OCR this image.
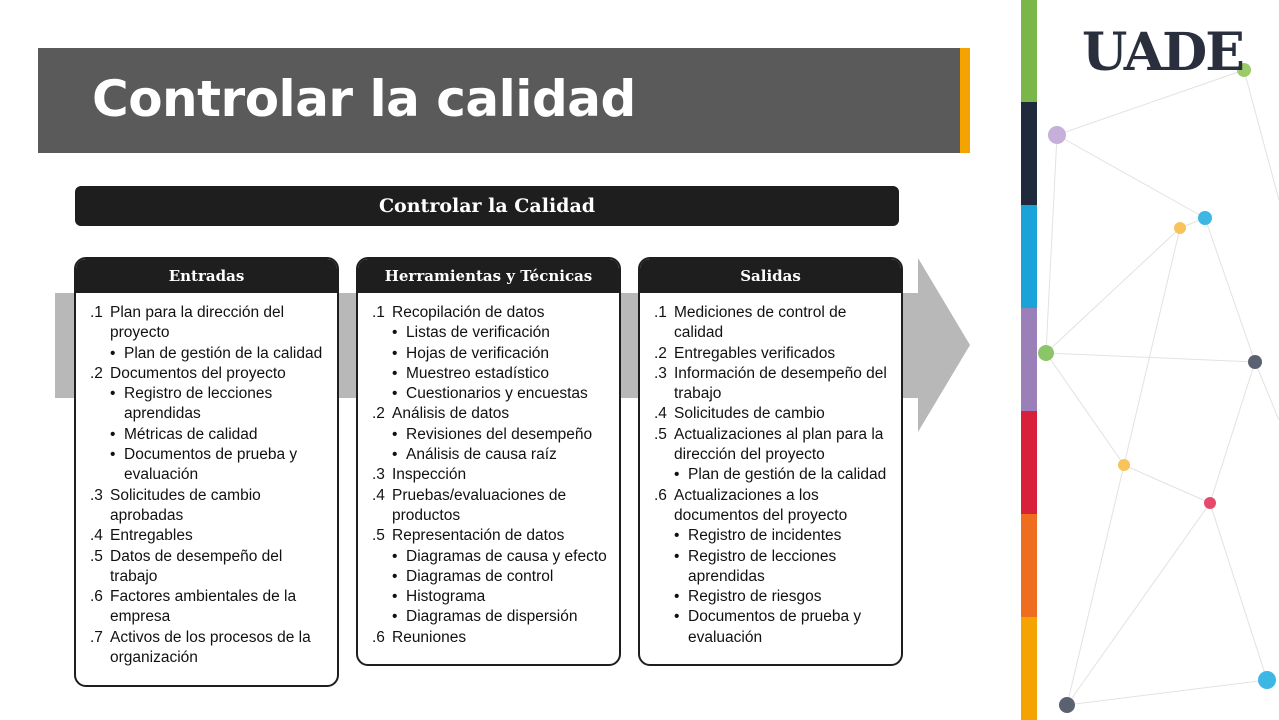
Controlar la calidad
Controlar la Calidad
Entradas
.1 Plan para la dirección del proyecto
• Plan de gestión de la calidad
.2 Documentos del proyecto
• Registro de lecciones aprendidas
• Métricas de calidad
• Documentos de prueba y evaluación
.3 Solicitudes de cambio aprobadas
.4 Entregables
.5 Datos de desempeño del trabajo
.6 Factores ambientales de la empresa
.7 Activos de los procesos de la organización
Herramientas y Técnicas
.1 Recopilación de datos
• Listas de verificación
• Hojas de verificación
• Muestreo estadístico
• Cuestionarios y encuestas
.2 Análisis de datos
• Revisiones del desempeño
• Análisis de causa raíz
.3 Inspección
.4 Pruebas/evaluaciones de productos
.5 Representación de datos
• Diagramas de causa y efecto
• Diagramas de control
• Histograma
• Diagramas de dispersión
.6 Reuniones
Salidas
.1 Mediciones de control de calidad
.2 Entregables verificados
.3 Información de desempeño del trabajo
.4 Solicitudes de cambio
.5 Actualizaciones al plan para la dirección del proyecto
• Plan de gestión de la calidad
.6 Actualizaciones a los documentos del proyecto
• Registro de incidentes
• Registro de lecciones aprendidas
• Registro de riesgos
• Documentos de prueba y evaluación
UADE
